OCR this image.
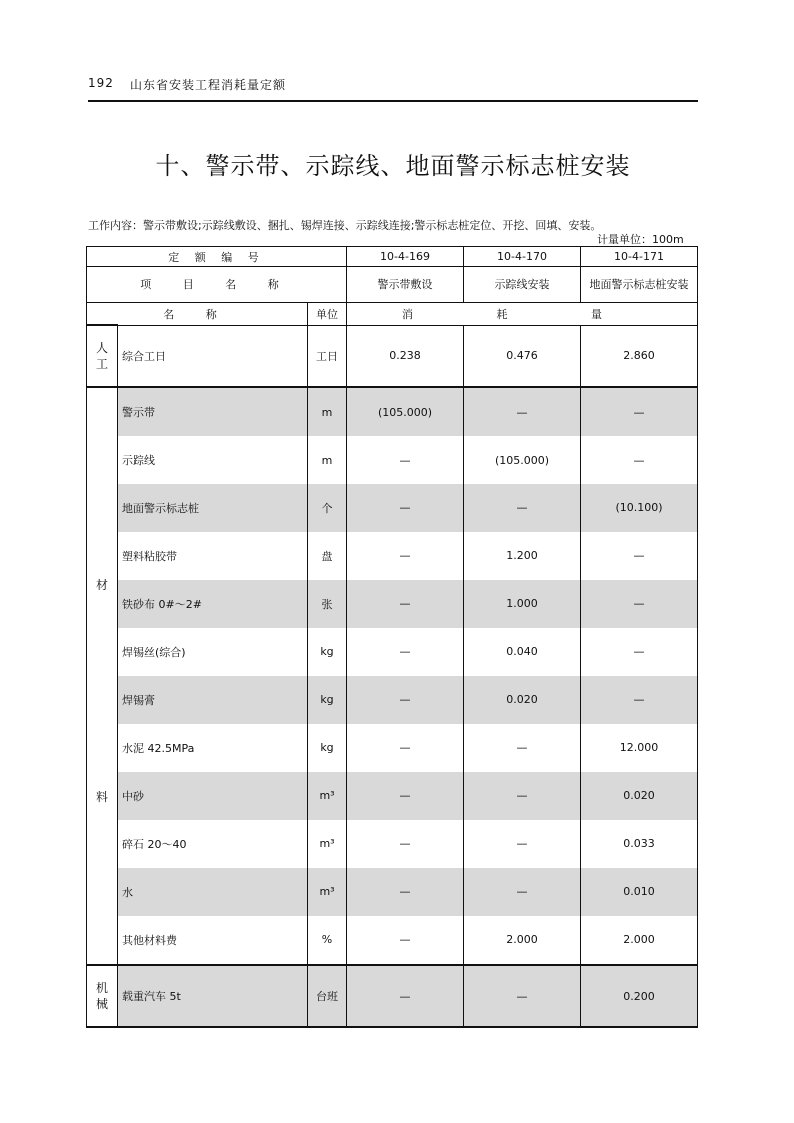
192 山东省安装工程消耗量定额
十、警示带、示踪线、地面警示标志桩安装
工作内容：警示带敷设;示踪线敷设、捆扎、锡焊连接、示踪线连接;警示标志桩定位、开挖、回填、安装。
计量单位：100m
定 额 编 号			10-4-169	10-4-170	10-4-171
项 目 名 称			警示带敷设	示踪线安装	地面警示标志桩安装
名 称		单位	消 耗 量		
人工	综合工日	工日	0.238	0.476	2.860

材
料	警示带	m	(105.000)	—	—
	示踪线	m	—	(105.000)	—
	地面警示标志桩	个	—	—	(10.100)
	塑料粘胶带	盘	—	1.200	—
	铁砂布 0#～2#	张	—	1.000	—
	焊锡丝(综合)	kg	—	0.040	—
	焊锡膏	kg	—	0.020	—
	水泥 42.5MPa	kg	—	—	12.000
	中砂	m³	—	—	0.020
	碎石 20～40	m³	—	—	0.033
	水	m³	—	—	0.010
	其他材料费	%	—	2.000	2.000
机械	载重汽车 5t	台班	—	—	0.200
